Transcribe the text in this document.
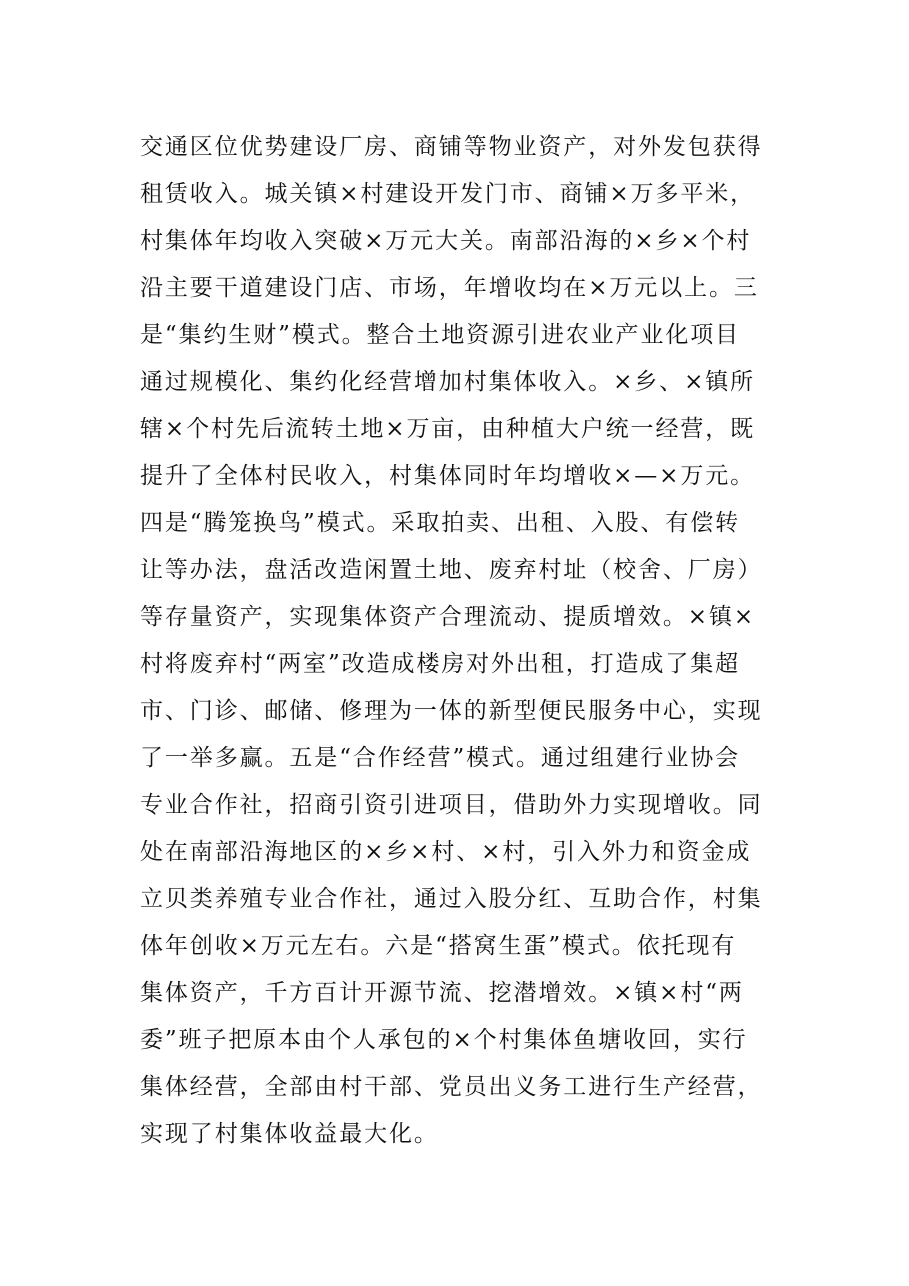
交通区位优势建设厂房、商铺等物业资产，对外发包获得
租赁收入。城关镇×村建设开发门市、商铺×万多平米，
村集体年均收入突破×万元大关。南部沿海的×乡×个村
沿主要干道建设门店、市场，年增收均在×万元以上。三
是“集约生财”模式。整合土地资源引进农业产业化项目
通过规模化、集约化经营增加村集体收入。×乡、×镇所
辖×个村先后流转土地×万亩，由种植大户统一经营，既
提升了全体村民收入，村集体同时年均增收×—×万元。
四是“腾笼换鸟”模式。采取拍卖、出租、入股、有偿转
让等办法，盘活改造闲置土地、废弃村址（校舍、厂房）
等存量资产，实现集体资产合理流动、提质增效。×镇×
村将废弃村“两室”改造成楼房对外出租，打造成了集超
市、门诊、邮储、修理为一体的新型便民服务中心，实现
了一举多赢。五是“合作经营”模式。通过组建行业协会
专业合作社，招商引资引进项目，借助外力实现增收。同
处在南部沿海地区的×乡×村、×村，引入外力和资金成
立贝类养殖专业合作社，通过入股分红、互助合作，村集
体年创收×万元左右。六是“搭窝生蛋”模式。依托现有
集体资产，千方百计开源节流、挖潜增效。×镇×村“两
委”班子把原本由个人承包的×个村集体鱼塘收回，实行
集体经营，全部由村干部、党员出义务工进行生产经营，
实现了村集体收益最大化。
